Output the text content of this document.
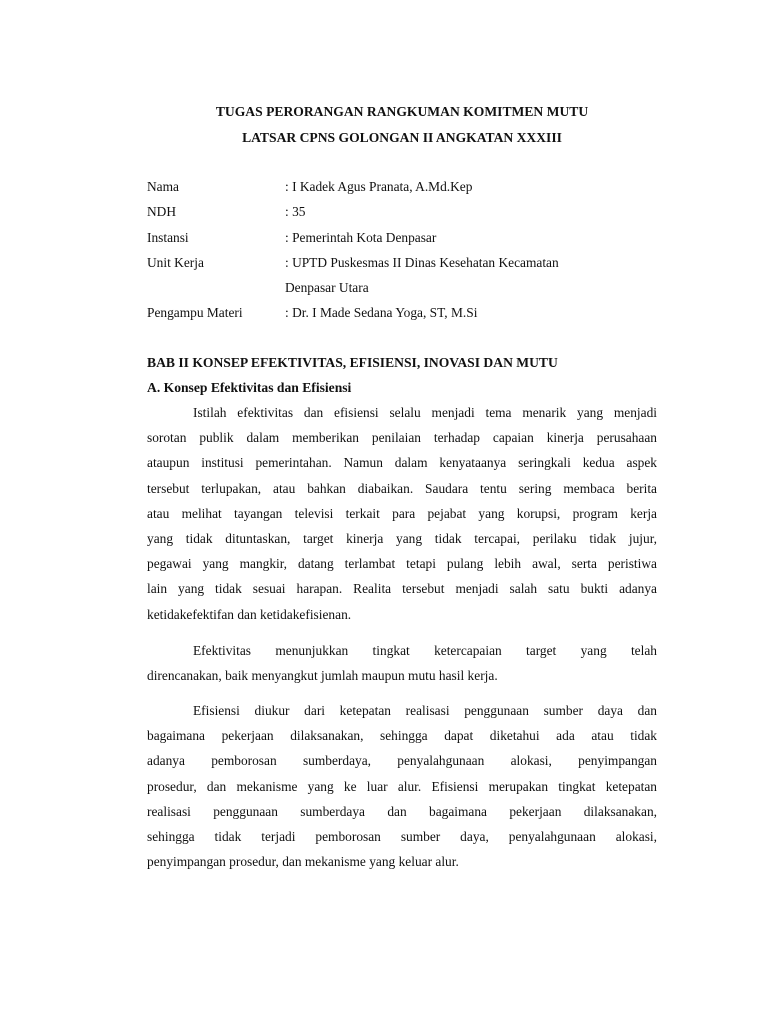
TUGAS PERORANGAN RANGKUMAN KOMITMEN MUTU
LATSAR CPNS GOLONGAN II ANGKATAN XXXIII
Nama	: I Kadek Agus Pranata, A.Md.Kep
NDH	: 35
Instansi	: Pemerintah Kota Denpasar
Unit Kerja	: UPTD Puskesmas II Dinas Kesehatan Kecamatan
Denpasar Utara
Pengampu Materi	: Dr. I Made Sedana Yoga, ST, M.Si
BAB II KONSEP EFEKTIVITAS, EFISIENSI, INOVASI DAN MUTU
A. Konsep Efektivitas dan Efisiensi
Istilah efektivitas dan efisiensi selalu menjadi tema menarik yang menjadi
sorotan publik dalam memberikan penilaian terhadap capaian kinerja perusahaan
ataupun institusi pemerintahan. Namun dalam kenyataanya seringkali kedua aspek
tersebut terlupakan, atau bahkan diabaikan. Saudara tentu sering membaca berita
atau melihat tayangan televisi terkait para pejabat yang korupsi, program kerja
yang tidak dituntaskan, target kinerja yang tidak tercapai, perilaku tidak jujur,
pegawai yang mangkir, datang terlambat tetapi pulang lebih awal, serta peristiwa
lain yang tidak sesuai harapan. Realita tersebut menjadi salah satu bukti adanya
ketidakefektifan dan ketidakefisienan.
Efektivitas menunjukkan tingkat ketercapaian target yang telah
direncanakan, baik menyangkut jumlah maupun mutu hasil kerja.
Efisiensi diukur dari ketepatan realisasi penggunaan sumber daya dan
bagaimana pekerjaan dilaksanakan, sehingga dapat diketahui ada atau tidak
adanya pemborosan sumberdaya, penyalahgunaan alokasi, penyimpangan
prosedur, dan mekanisme yang ke luar alur. Efisiensi merupakan tingkat ketepatan
realisasi penggunaan sumberdaya dan bagaimana pekerjaan dilaksanakan,
sehingga tidak terjadi pemborosan sumber daya, penyalahgunaan alokasi,
penyimpangan prosedur, dan mekanisme yang keluar alur.
